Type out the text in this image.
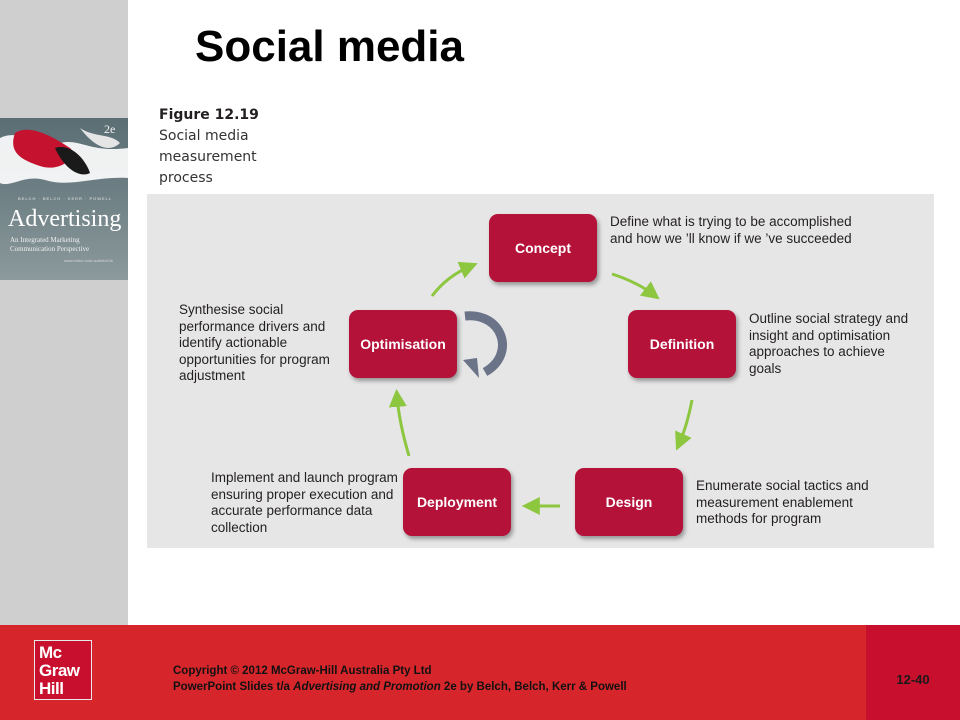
2e
BELCH · BELCH · KERR · POWELL
Advertising
An Integrated Marketing Communication Perspective
www.mhhe.com.au/belch2e
Social media
Figure 12.19
Social media measurement process
Concept
Definition
Design
Deployment
Optimisation
Define what is trying to be accomplished and how we ’ll know if we ’ve succeeded
Outline social strategy and insight and optimisation approaches to achieve goals
Enumerate social tactics and measurement enablement methods for program
Implement and launch program ensuring proper execution and accurate performance data collection
Synthesise social performance drivers and identify actionable opportunities for program adjustment
Mc
Graw
Hill
Copyright © 2012 McGraw-Hill Australia Pty Ltd
PowerPoint Slides t/a Advertising and Promotion 2e by Belch, Belch, Kerr & Powell	12-40
